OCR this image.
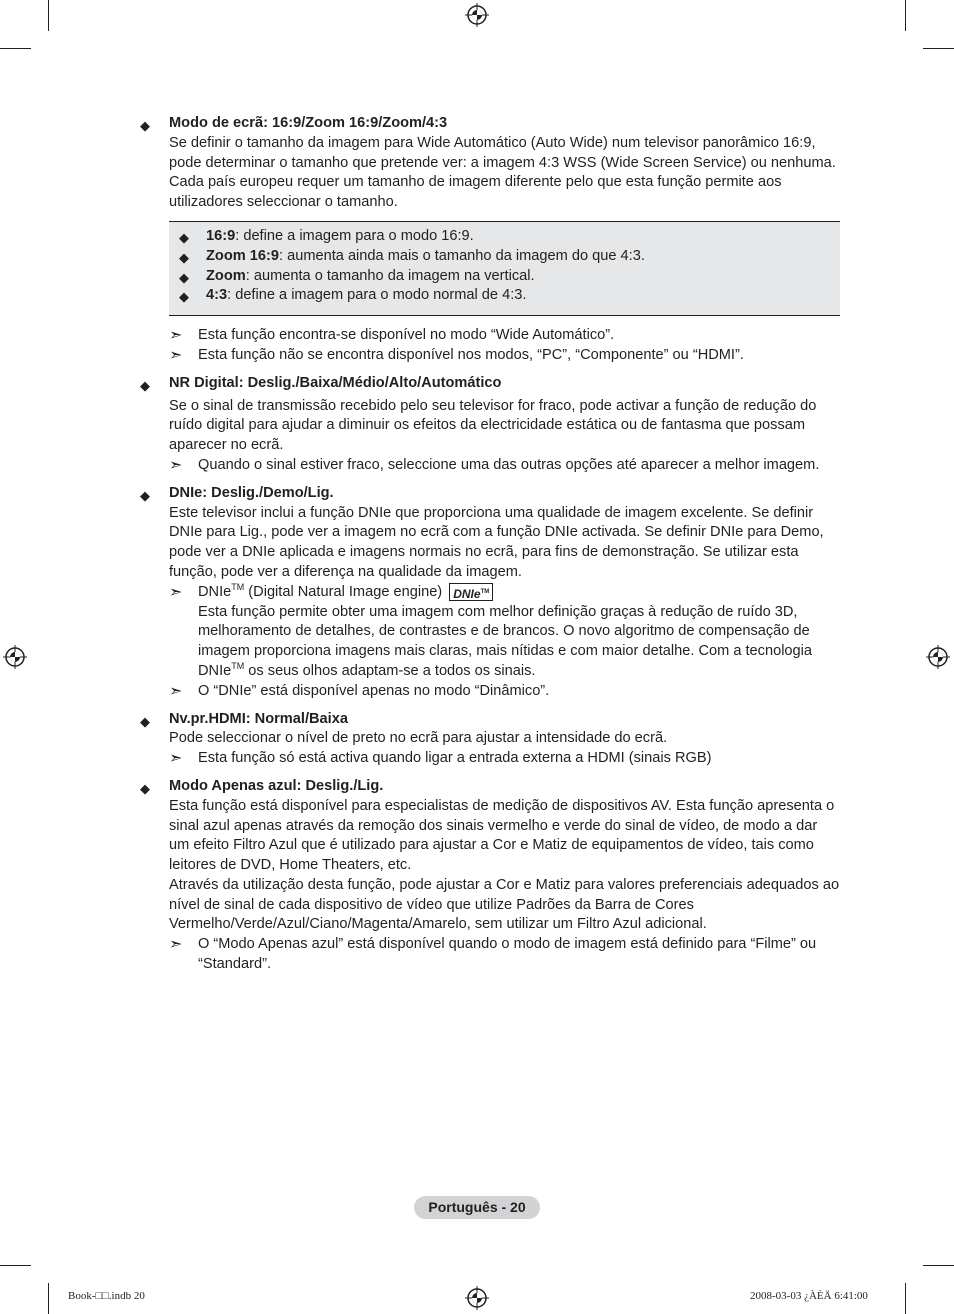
◆ Modo de ecrã: 16:9/Zoom 16:9/Zoom/4:3
Se definir o tamanho da imagem para Wide Automático (Auto Wide) num televisor panorâmico 16:9, pode determinar o tamanho que pretende ver: a imagem 4:3 WSS (Wide Screen Service) ou nenhuma. Cada país europeu requer um tamanho de imagem diferente pelo que esta função permite aos utilizadores seleccionar o tamanho.
◆ 16:9: define a imagem para o modo 16:9.
◆ Zoom 16:9: aumenta ainda mais o tamanho da imagem do que 4:3.
◆ Zoom: aumenta o tamanho da imagem na vertical.
◆ 4:3: define a imagem para o modo normal de 4:3.
➣ Esta função encontra-se disponível no modo “Wide Automático”.
➣ Esta função não se encontra disponível nos modos, “PC”, “Componente” ou “HDMI”.
◆ NR Digital: Deslig./Baixa/Médio/Alto/Automático
Se o sinal de transmissão recebido pelo seu televisor for fraco, pode activar a função de redução do ruído digital para ajudar a diminuir os efeitos da electricidade estática ou de fantasma que possam aparecer no ecrã.
➣ Quando o sinal estiver fraco, seleccione uma das outras opções até aparecer a melhor imagem.
◆ DNIe: Deslig./Demo/Lig.
Este televisor inclui a função DNIe que proporciona uma qualidade de imagem excelente. Se definir DNIe para Lig., pode ver a imagem no ecrã com a função DNIe activada. Se definir DNIe para Demo, pode ver a DNIe aplicada e imagens normais no ecrã, para fins de demonstração. Se utilizar esta função, pode ver a diferença na qualidade da imagem.
➣ DNIe™ (Digital Natural Image engine) DNIe™
Esta função permite obter uma imagem com melhor definição graças à redução de ruído 3D, melhoramento de detalhes, de contrastes e de brancos. O novo algoritmo de compensação de imagem proporciona imagens mais claras, mais nítidas e com maior detalhe. Com a tecnologia DNIe™ os seus olhos adaptam-se a todos os sinais.
➣ O “DNIe” está disponível apenas no modo “Dinâmico”.
◆ Nv.pr.HDMI: Normal/Baixa
Pode seleccionar o nível de preto no ecrã para ajustar a intensidade do ecrã.
➣ Esta função só está activa quando ligar a entrada externa a HDMI (sinais RGB)
◆ Modo Apenas azul: Deslig./Lig.
Esta função está disponível para especialistas de medição de dispositivos AV. Esta função apresenta o sinal azul apenas através da remoção dos sinais vermelho e verde do sinal de vídeo, de modo a dar um efeito Filtro Azul que é utilizado para ajustar a Cor e Matiz de equipamentos de vídeo, tais como leitores de DVD, Home Theaters, etc.
Através da utilização desta função, pode ajustar a Cor e Matiz para valores preferenciais adequados ao nível de sinal de cada dispositivo de vídeo que utilize Padrões da Barra de Cores Vermelho/Verde/Azul/Ciano/Magenta/Amarelo, sem utilizar um Filtro Azul adicional.
➣ O “Modo Apenas azul” está disponível quando o modo de imagem está definido para “Filme” ou “Standard”.
Português - 20
Book-□□.indb 20	2008-03-03 ¿ÀÈÄ 6:41:00
